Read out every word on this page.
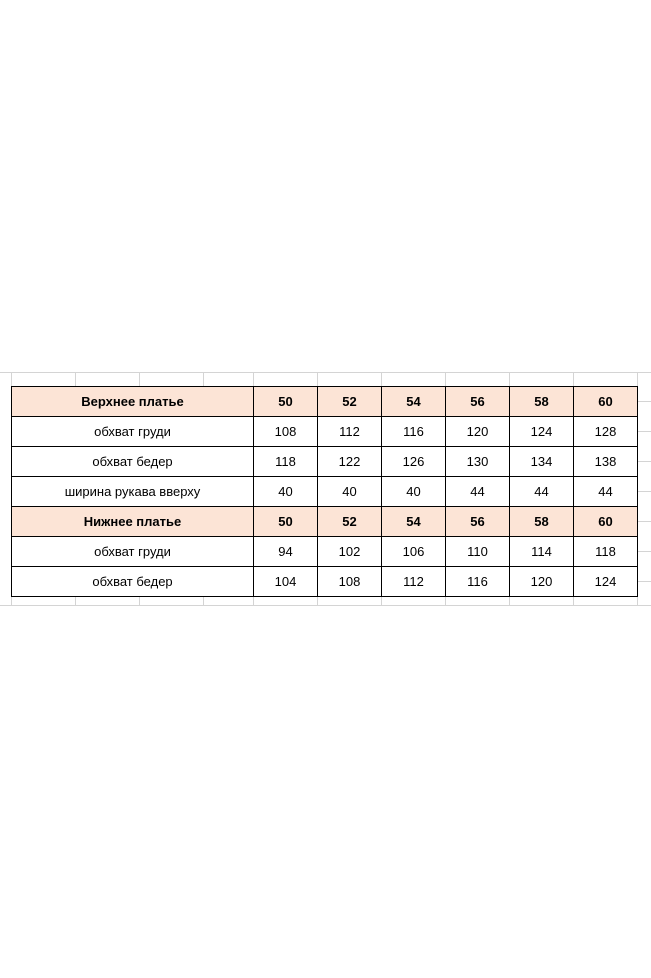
Верхнее платье	50	52	54	56	58	60
обхват груди	108	112	116	120	124	128
обхват бедер	118	122	126	130	134	138
ширина рукава вверху	40	40	40	44	44	44
Нижнее платье	50	52	54	56	58	60
обхват груди	94	102	106	110	114	118
обхват бедер	104	108	112	116	120	124
